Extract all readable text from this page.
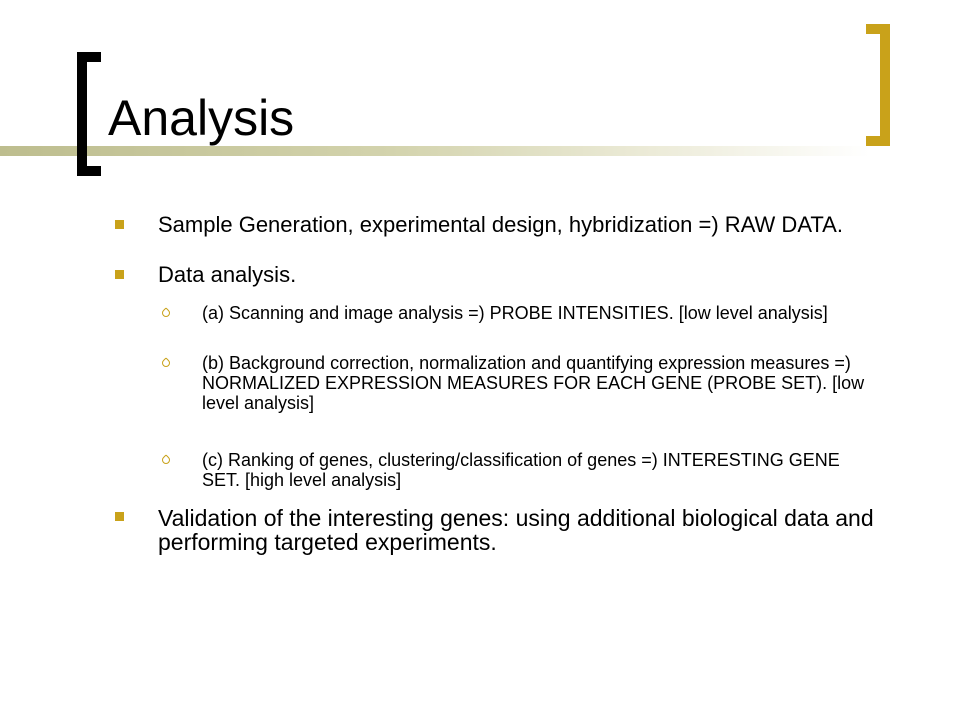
Analysis
Sample Generation, experimental design, hybridization =) RAW DATA.
Data analysis.
(a) Scanning and image analysis =) PROBE INTENSITIES. [low level analysis]
(b) Background correction, normalization and quantifying expression measures =) NORMALIZED EXPRESSION MEASURES FOR EACH GENE (PROBE SET). [low level analysis]
(c) Ranking of genes, clustering/classification of genes =) INTERESTING GENE SET. [high level analysis]
Validation of the interesting genes: using additional biological data and performing targeted experiments.
